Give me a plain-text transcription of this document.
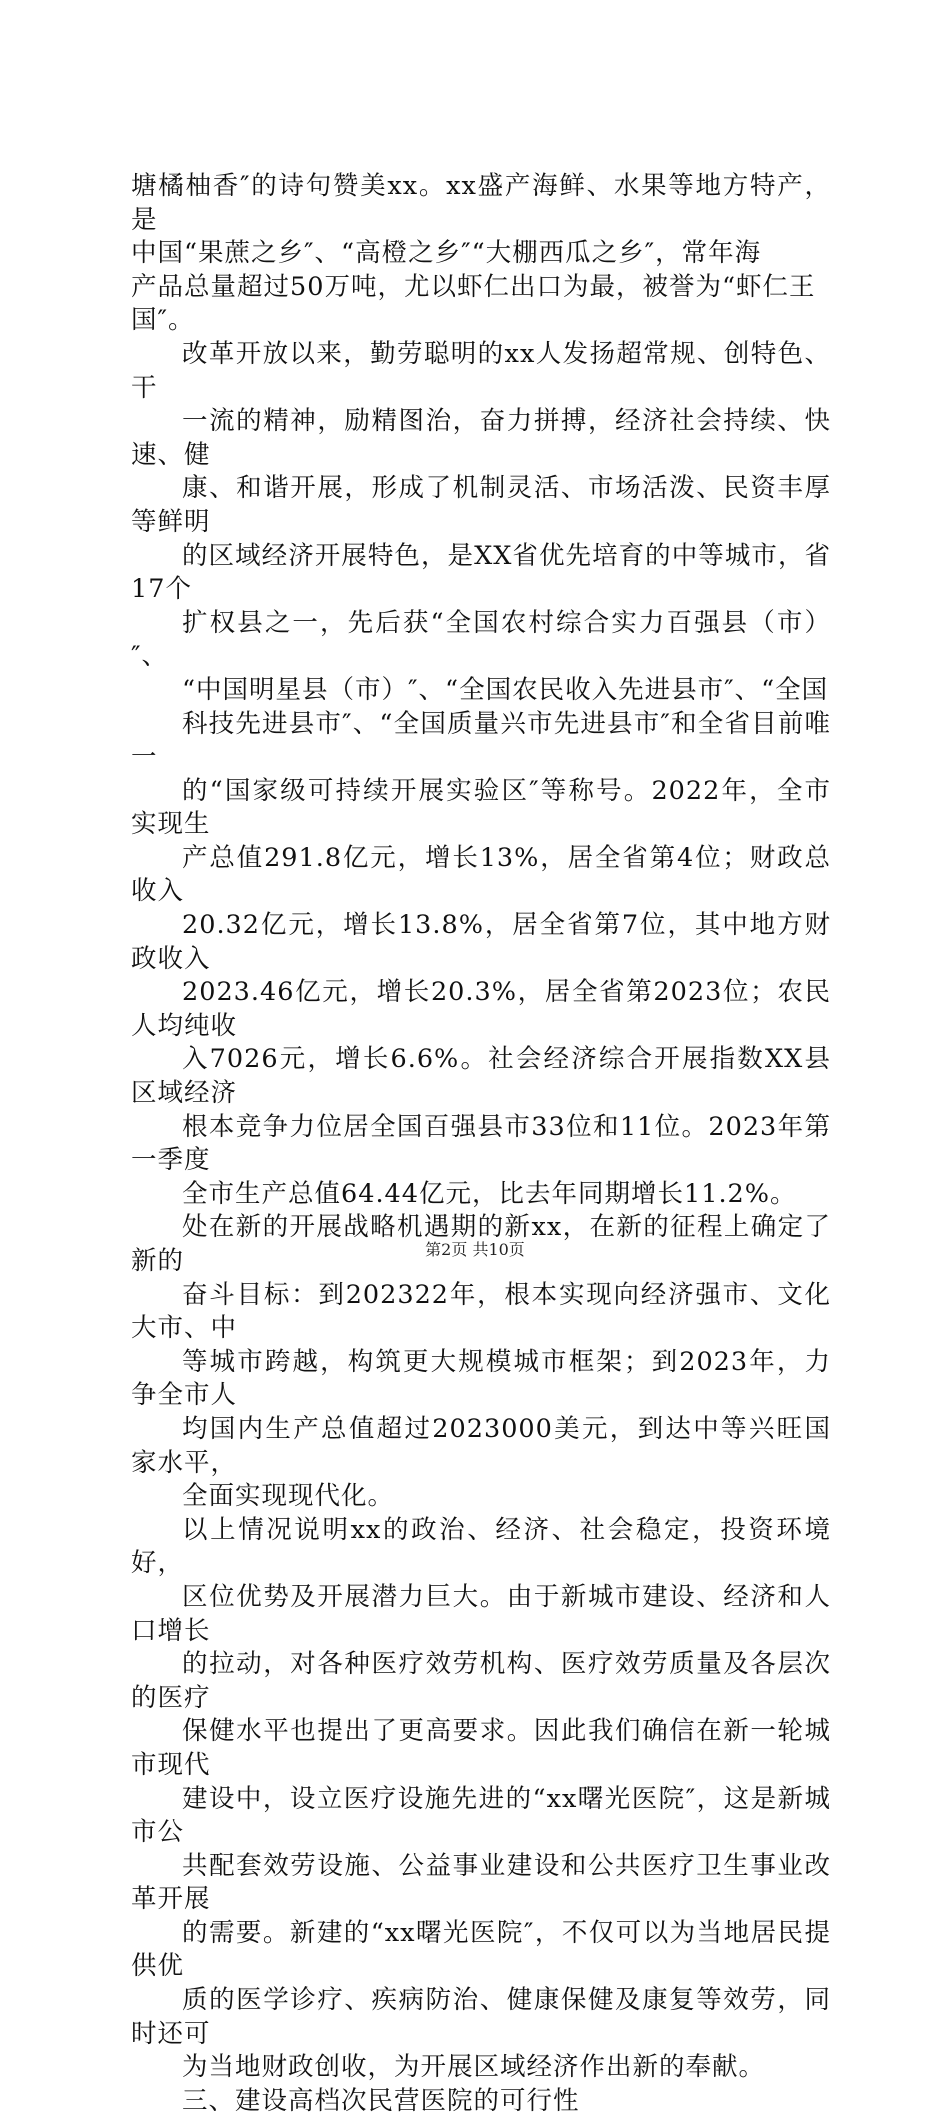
塘橘柚香″的诗句赞美xx。xx盛产海鲜、水果等地方特产，是
中国“果蔗之乡″、“高橙之乡″“大棚西瓜之乡″，常年海
产品总量超过50万吨，尤以虾仁出口为最，被誉为“虾仁王
国″。
改革开放以来，勤劳聪明的xx人发扬超常规、创特色、干
一流的精神，励精图治，奋力拼搏，经济社会持续、快速、健
康、和谐开展，形成了机制灵活、市场活泼、民资丰厚等鲜明
的区域经济开展特色，是XX省优先培育的中等城市，省17个
扩权县之一，先后获“全国农村综合实力百强县（市）″、
“中国明星县（市）″、“全国农民收入先进县市″、“全国
科技先进县市″、“全国质量兴市先进县市″和全省目前唯一
的“国家级可持续开展实验区″等称号。2022年，全市实现生
产总值291.8亿元，增长13%，居全省第4位；财政总收入
20.32亿元，增长13.8%，居全省第7位，其中地方财政收入
2023.46亿元，增长20.3%，居全省第2023位；农民人均纯收
入7026元，增长6.6%。社会经济综合开展指数XX县区域经济
根本竞争力位居全国百强县市33位和11位。2023年第一季度
全市生产总值64.44亿元，比去年同期增长11.2%。
处在新的开展战略机遇期的新xx，在新的征程上确定了新的
奋斗目标：到202322年，根本实现向经济强市、文化大市、中
等城市跨越，构筑更大规模城市框架；到2023年，力争全市人
均国内生产总值超过2023000美元，到达中等兴旺国家水平，
全面实现现代化。
以上情况说明xx的政治、经济、社会稳定，投资环境好，
区位优势及开展潜力巨大。由于新城市建设、经济和人口增长
的拉动，对各种医疗效劳机构、医疗效劳质量及各层次的医疗
保健水平也提出了更高要求。因此我们确信在新一轮城市现代
建设中，设立医疗设施先进的“xx曙光医院″，这是新城市公
共配套效劳设施、公益事业建设和公共医疗卫生事业改革开展
的需要。新建的“xx曙光医院″，不仅可以为当地居民提供优
质的医学诊疗、疾病防治、健康保健及康复等效劳，同时还可
为当地财政创收，为开展区域经济作出新的奉献。
三、建设高档次民营医院的可行性
第2页 共10页
